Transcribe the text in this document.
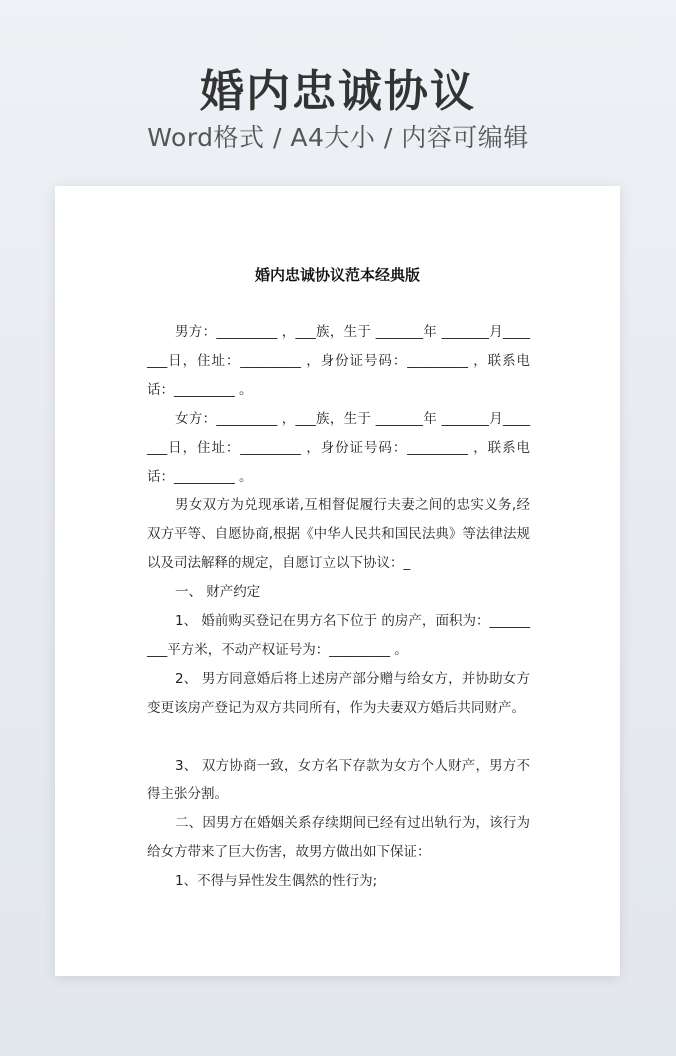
婚内忠诚协议
Word格式 / A4大小 / 内容可编辑
婚内忠诚协议范本经典版

男方：_________ ，___族，生于 _______年 _______月_______日，住址：_________ ，身份证号码：_________ ，联系电话：_________ 。

女方：_________ ，___族，生于 _______年 _______月_______日，住址：_________ ，身份证号码：_________ ，联系电话：_________ 。

男女双方为兑现承诺,互相督促履行夫妻之间的忠实义务,经双方平等、自愿协商,根据《中华人民共和国民法典》等法律法规以及司法解释的规定，自愿订立以下协议：_

一、 财产约定

1、 婚前购买登记在男方名下位于 的房产，面积为：_________平方米，不动产权证号为：_________ 。

2、 男方同意婚后将上述房产部分赠与给女方，并协助女方变更该房产登记为双方共同所有，作为夫妻双方婚后共同财产。

3、 双方协商一致，女方名下存款为女方个人财产，男方不得主张分割。

二、因男方在婚姻关系存续期间已经有过出轨行为，该行为给女方带来了巨大伤害，故男方做出如下保证：

1、不得与异性发生偶然的性行为;
